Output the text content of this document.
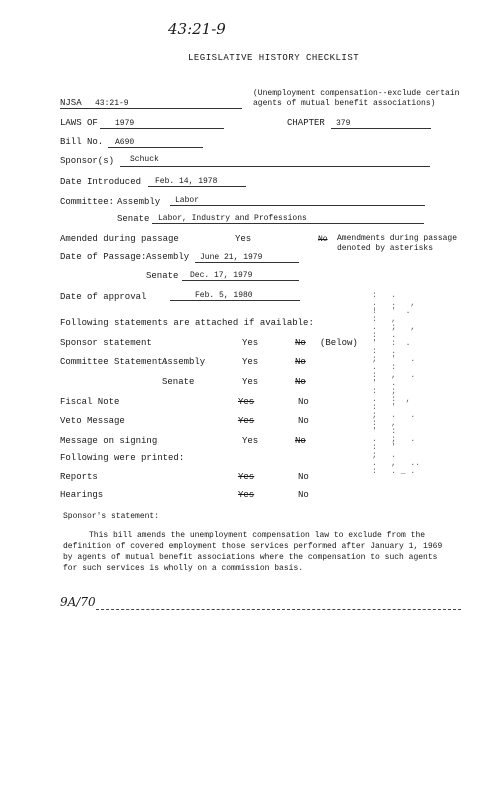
43:21-9
LEGISLATIVE HISTORY CHECKLIST
(Unemployment compensation--exclude certain
agents of mutual benefit associations)
NJSA 43:21-9
LAWS OF 1979	CHAPTER 379
Bill No. A690
Sponsor(s) Schuck
Date Introduced Feb. 14, 1978
Committee: Assembly Labor
Senate Labor, Industry and Professions
Amended during passage	Yes	No Amendments during passage
denoted by asterisks
Date of Passage: Assembly June 21, 1979
Senate Dec. 17, 1979
Date of approval	Feb. 5, 1980
Following statements are attached if available:
Sponsor statement	Yes	No (Below)
Committee Statement:
Assembly	Yes	No
Senate	Yes	No
Fiscal Note	Yes	No
Veto Message	Yes	No
Message on signing	Yes	No
Following were printed:
Reports	Yes	No
Hearings	Yes	No
:   .
.   .   ,
!   '  .
:   ,
.   ;   ,
:   .
'   :  .
:   .
;   '   .
.   :
:   ,   .
'   .
:   ;
.   :  ,
:   '
;   .   .
:   ,
'   :
.   ;   .
:   '
;   .
.   ,   ..
:   . _ .
Sponsor's statement:
This bill amends the unemployment compensation law to exclude from the
definition of covered employment those services performed after January 1, 1969
by agents of mutual benefit associations where the compensation to such agents
for such services is wholly on a commission basis.
9A/70
